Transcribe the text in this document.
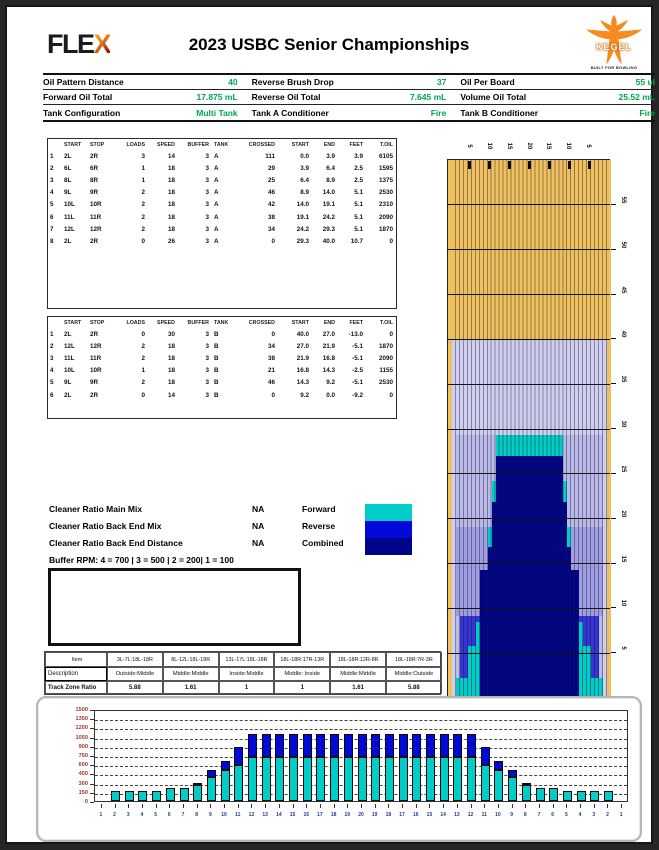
FLEX	2023 USBC Senior Championships	KEGEL
BUILT FOR BOWLING
Oil Pattern Distance	40 Reverse Brush Drop	37 Oil Per Board	55 ul
Forward Oil Total	17.875 mL Reverse Oil Total	7.645 mL Volume Oil Total	25.52 mL
Tank Configuration	Multi Tank Tank A Conditioner	Fire Tank B Conditioner	Fire
START	STOP	LOADS	SPEED	BUFFER TANK	CROSSED	START	END	FEET	T.OIL
1	2L	2R	3	14	3 A	111	0.0	3.9	3.9	6105
2	6L	6R	1	18	3 A	29	3.9	6.4	2.5	1595
3	8L	8R	1	18	3 A	25	6.4	8.9	2.5	1375
4	9L	9R	2	18	3 A	46	8.9	14.0	5.1	2530
5	10L	10R	2	18	3 A	42	14.0	19.1	5.1	2310
6	11L	11R	2	18	3 A	38	19.1	24.2	5.1	2090
7	12L	12R	2	18	3 A	34	24.2	29.3	5.1	1870
8	2L	2R	0	26	3 A	0	29.3	40.0	10.7	0
START	STOP	LOADS	SPEED	BUFFER TANK	CROSSED	START	END	FEET	T.OIL
1	2L	2R	0	30	3 B	0	40.0	27.0	-13.0	0
2	12L	12R	2	18	3 B	34	27.0	21.9	-5.1	1870
3	11L	11R	2	18	3 B	38	21.9	16.8	-5.1	2090
4	10L	10R	1	18	3 B	21	16.8	14.3	-2.5	1155
5	9L	9R	2	18	3 B	46	14.3	9.2	-5.1	2530
6	2L	2R	0	14	3 B	0	9.2	0.0	-9.2	0
Cleaner Ratio Main Mix	NA	Forward
Cleaner Ratio Back End Mix	NA	Reverse
Cleaner Ratio Back End Distance	NA	Combined
Buffer RPM: 4 = 700 | 3 = 500 | 2 = 200| 1 = 100
Item	3L-7L:18L-18R	8L-12L:18L-18R	13L-17L:18L-18R	18L-18R:17R-13R	18L-18R:12R-8R	18L-18R:7R-3R
Description	Outside:Middle	Middle:Middle	Inside:Middle	Middle: Inside	Middle:Middle	Middle:Outside
Track Zone Ratio	5.88	1.61	1	1	1.61	5.88
5
10
15
20
25
30
35
40
45
50
55
5 10 15 20 15 10 5
0
150
300
450
600
750
900
1050
1200
1350
1500
1	2	3	4	5	6	7	8	9	10	11	12	13	14	15	16	17	18	19	20	19	18	17	16	15	14	13	12	11	10	9	8	7	6	5	4	3	2	1
